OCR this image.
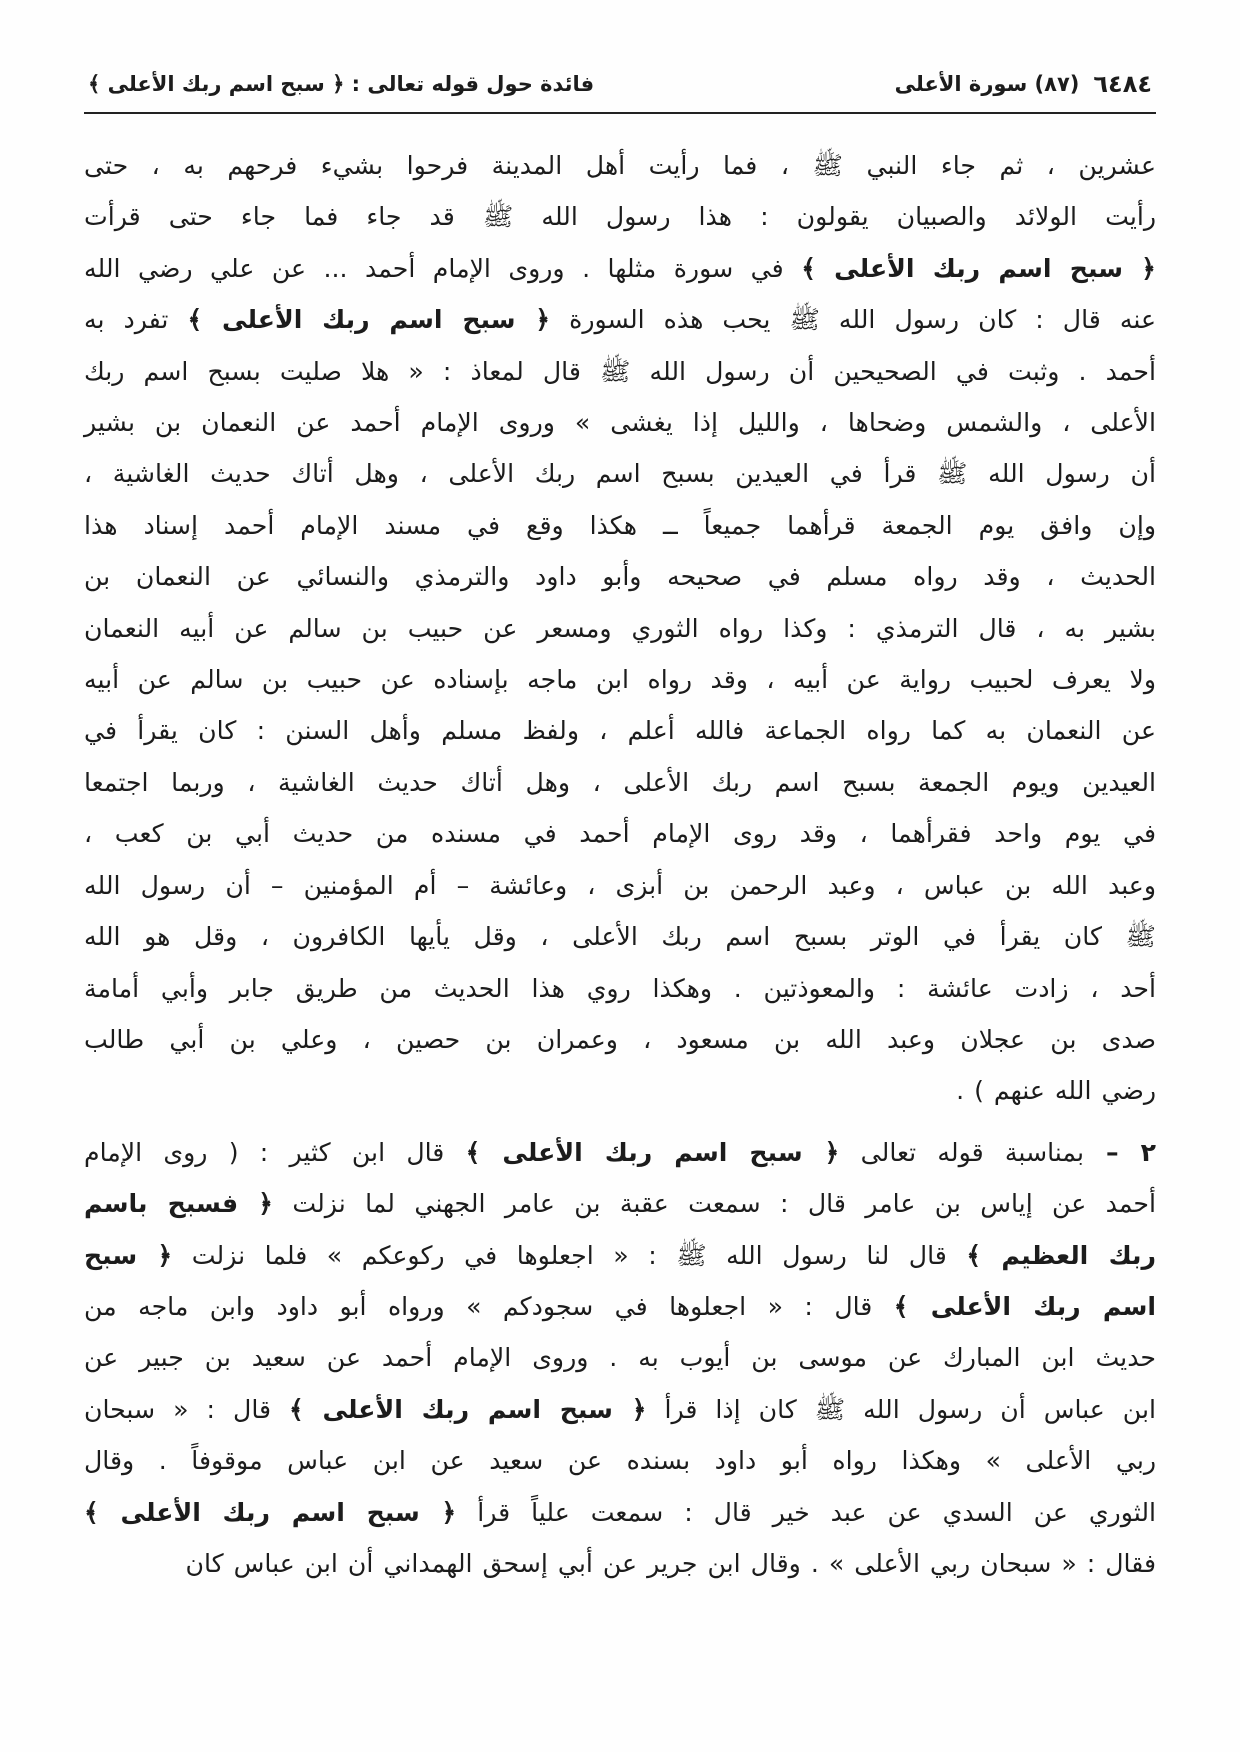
٦٤٨٤
(٨٧) سورة الأعلى
فائدة حول قوله تعالى : ﴿ سبح اسم ربك الأعلى ﴾

عشرين ، ثم جاء النبي ﷺ ، فما رأيت أهل المدينة فرحوا بشيء فرحهم به ، حتى
رأيت الولائد والصبيان يقولون : هذا رسول الله ﷺ قد جاء فما جاء حتى قرأت
﴿ سبح اسم ربك الأعلى ﴾ في سورة مثلها . وروى الإمام أحمد ... عن علي رضي الله
عنه قال : كان رسول الله ﷺ يحب هذه السورة ﴿ سبح اسم ربك الأعلى ﴾ تفرد به
أحمد . وثبت في الصحيحين أن رسول الله ﷺ قال لمعاذ : « هلا صليت بسبح اسم ربك
الأعلى ، والشمس وضحاها ، والليل إذا يغشى » وروى الإمام أحمد عن النعمان بن بشير
أن رسول الله ﷺ قرأ في العيدين بسبح اسم ربك الأعلى ، وهل أتاك حديث الغاشية ،
وإن وافق يوم الجمعة قرأهما جميعاً ــ هكذا وقع في مسند الإمام أحمد إسناد هذا
الحديث ، وقد رواه مسلم في صحيحه وأبو داود والترمذي والنسائي عن النعمان بن
بشير به ، قال الترمذي : وكذا رواه الثوري ومسعر عن حبيب بن سالم عن أبيه النعمان
ولا يعرف لحبيب رواية عن أبيه ، وقد رواه ابن ماجه بإسناده عن حبيب بن سالم عن أبيه
عن النعمان به كما رواه الجماعة فالله أعلم ، ولفظ مسلم وأهل السنن : كان يقرأ في
العيدين ويوم الجمعة بسبح اسم ربك الأعلى ، وهل أتاك حديث الغاشية ، وربما اجتمعا
في يوم واحد فقرأهما ، وقد روى الإمام أحمد في مسنده من حديث أبي بن كعب ،
وعبد الله بن عباس ، وعبد الرحمن بن أبزى ، وعائشة – أم المؤمنين – أن رسول الله
ﷺ كان يقرأ في الوتر بسبح اسم ربك الأعلى ، وقل يأيها الكافرون ، وقل هو الله
أحد ، زادت عائشة : والمعوذتين . وهكذا روي هذا الحديث من طريق جابر وأبي أمامة
صدى بن عجلان وعبد الله بن مسعود ، وعمران بن حصين ، وعلي بن أبي طالب
رضي الله عنهم ) .

٢ – بمناسبة قوله تعالى ﴿ سبح اسم ربك الأعلى ﴾ قال ابن كثير : ( روى الإمام
أحمد عن إياس بن عامر قال : سمعت عقبة بن عامر الجهني لما نزلت ﴿ فسبح باسم
ربك العظيم ﴾ قال لنا رسول الله ﷺ : « اجعلوها في ركوعكم » فلما نزلت ﴿ سبح
اسم ربك الأعلى ﴾ قال : « اجعلوها في سجودكم » ورواه أبو داود وابن ماجه من
حديث ابن المبارك عن موسى بن أيوب به . وروى الإمام أحمد عن سعيد بن جبير عن
ابن عباس أن رسول الله ﷺ كان إذا قرأ ﴿ سبح اسم ربك الأعلى ﴾ قال : « سبحان
ربي الأعلى » وهكذا رواه أبو داود بسنده عن سعيد عن ابن عباس موقوفاً . وقال
الثوري عن السدي عن عبد خير قال : سمعت علياً قرأ ﴿ سبح اسم ربك الأعلى ﴾
فقال : « سبحان ربي الأعلى » . وقال ابن جرير عن أبي إسحق الهمداني أن ابن عباس كان
